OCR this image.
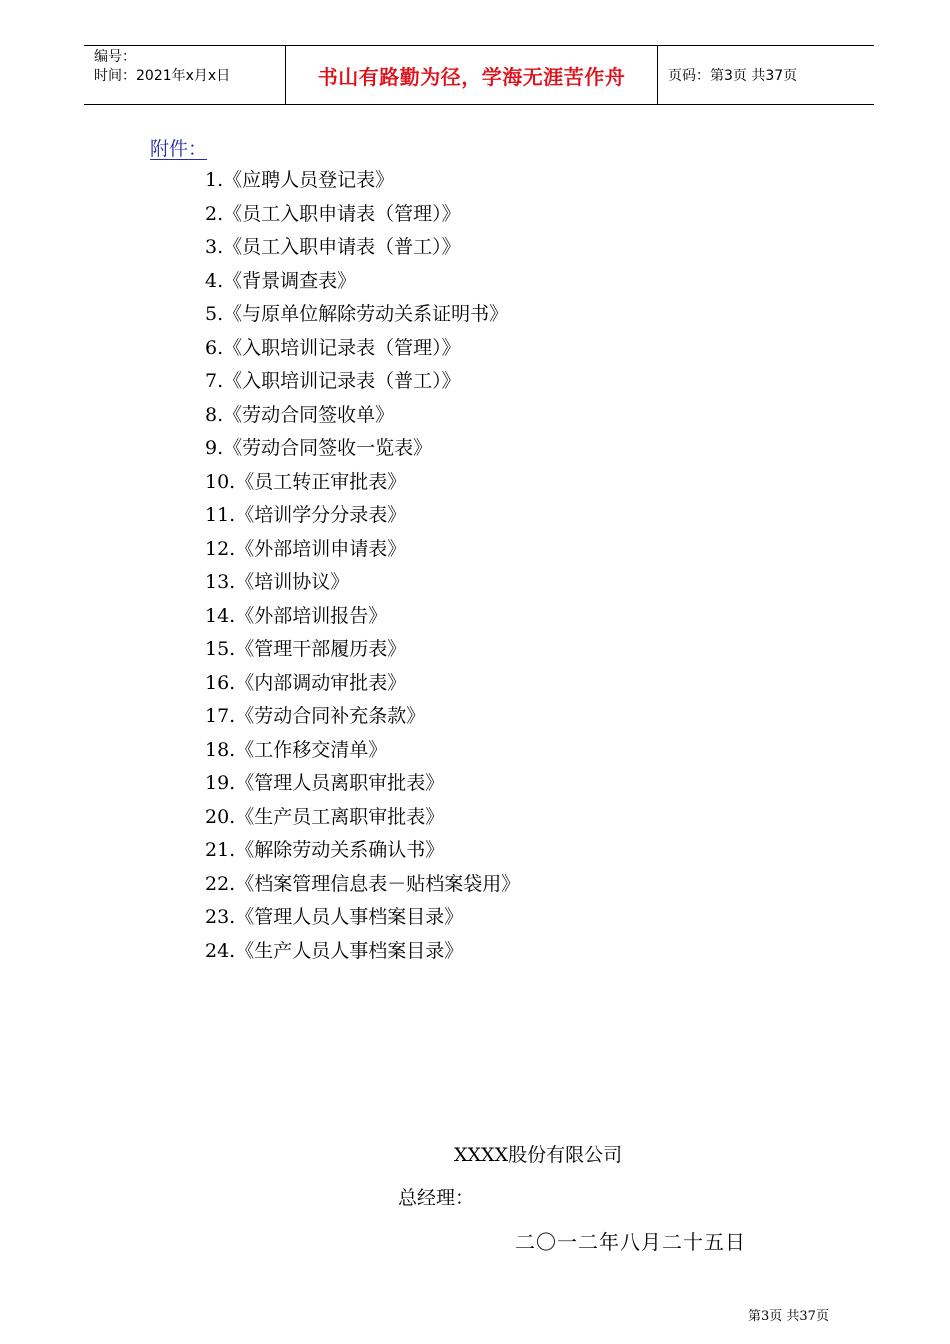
编号：
时间：2021年x月x日	书山有路勤为径，学海无涯苦作舟	页码：第3页 共37页
附件：
1.《应聘人员登记表》
2.《员工入职申请表（管理）》
3.《员工入职申请表（普工）》
4.《背景调查表》
5.《与原单位解除劳动关系证明书》
6.《入职培训记录表（管理）》
7.《入职培训记录表（普工）》
8.《劳动合同签收单》
9.《劳动合同签收一览表》
10.《员工转正审批表》
11.《培训学分分录表》
12.《外部培训申请表》
13.《培训协议》
14.《外部培训报告》
15.《管理干部履历表》
16.《内部调动审批表》
17.《劳动合同补充条款》
18.《工作移交清单》
19.《管理人员离职审批表》
20.《生产员工离职审批表》
21.《解除劳动关系确认书》
22.《档案管理信息表－贴档案袋用》
23.《管理人员人事档案目录》
24.《生产人员人事档案目录》
XXXX股份有限公司
总经理：
二〇一二年八月二十五日
第3页 共37页
